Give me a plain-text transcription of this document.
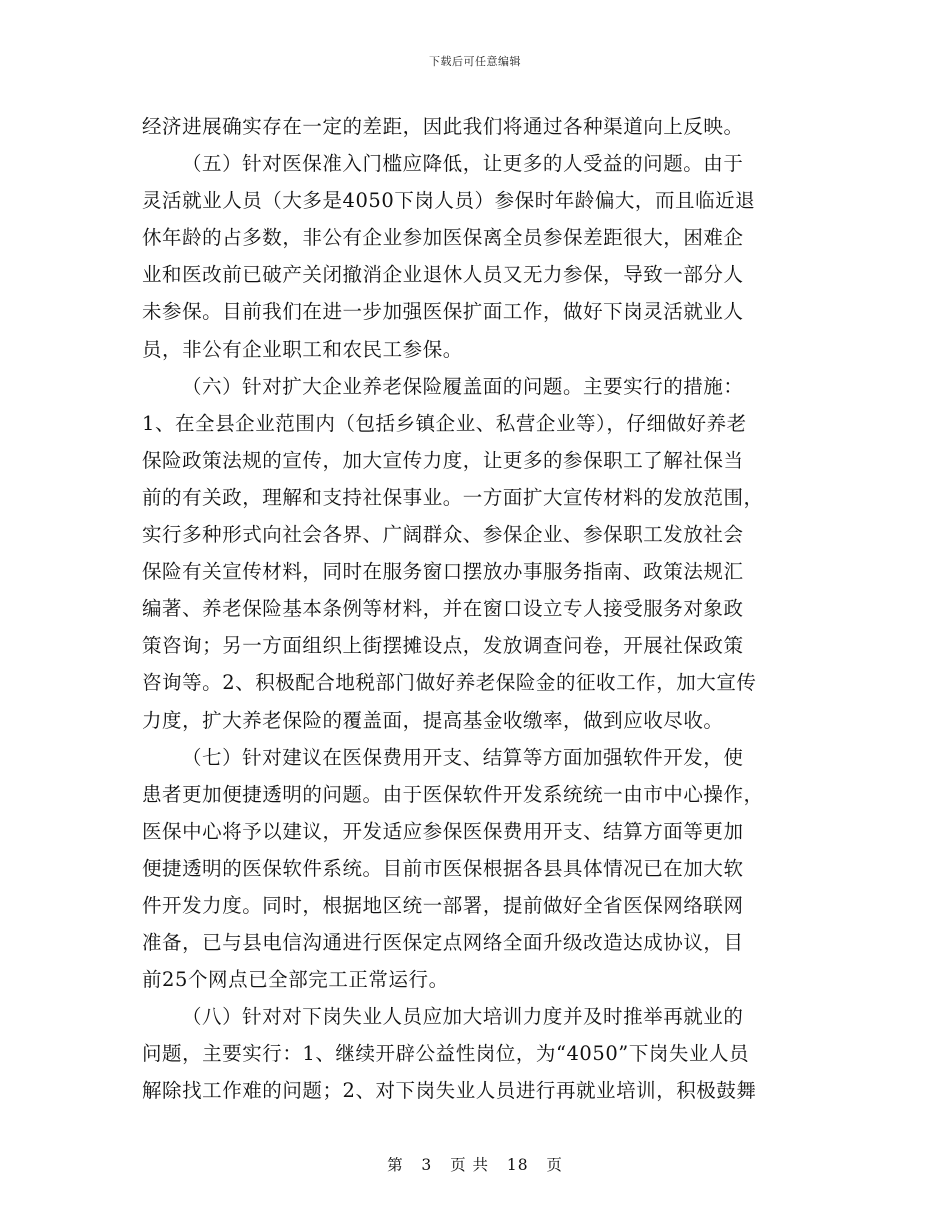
下载后可任意编辑
经济进展确实存在一定的差距，因此我们将通过各种渠道向上反映。
（五）针对医保准入门槛应降低，让更多的人受益的问题。由于
灵活就业人员（大多是4050下岗人员）参保时年龄偏大，而且临近退
休年龄的占多数，非公有企业参加医保离全员参保差距很大，困难企
业和医改前已破产关闭撤消企业退休人员又无力参保，导致一部分人
未参保。目前我们在进一步加强医保扩面工作，做好下岗灵活就业人
员，非公有企业职工和农民工参保。
（六）针对扩大企业养老保险履盖面的问题。主要实行的措施：
1、在全县企业范围内（包括乡镇企业、私营企业等），仔细做好养老
保险政策法规的宣传，加大宣传力度，让更多的参保职工了解社保当
前的有关政，理解和支持社保事业。一方面扩大宣传材料的发放范围，
实行多种形式向社会各界、广阔群众、参保企业、参保职工发放社会
保险有关宣传材料，同时在服务窗口摆放办事服务指南、政策法规汇
编著、养老保险基本条例等材料，并在窗口设立专人接受服务对象政
策咨询；另一方面组织上街摆摊设点，发放调查问卷，开展社保政策
咨询等。2、积极配合地税部门做好养老保险金的征收工作，加大宣传
力度，扩大养老保险的覆盖面，提高基金收缴率，做到应收尽收。
（七）针对建议在医保费用开支、结算等方面加强软件开发，使
患者更加便捷透明的问题。由于医保软件开发系统统一由市中心操作，
医保中心将予以建议，开发适应参保医保费用开支、结算方面等更加
便捷透明的医保软件系统。目前市医保根据各县具体情况已在加大软
件开发力度。同时，根据地区统一部署，提前做好全省医保网络联网
准备，已与县电信沟通进行医保定点网络全面升级改造达成协议，目
前25个网点已全部完工正常运行。
（八）针对对下岗失业人员应加大培训力度并及时推举再就业的
问题，主要实行：1、继续开辟公益性岗位，为“4050”下岗失业人员
解除找工作难的问题；2、对下岗失业人员进行再就业培训，积极鼓舞
第 3 页 共 18 页
